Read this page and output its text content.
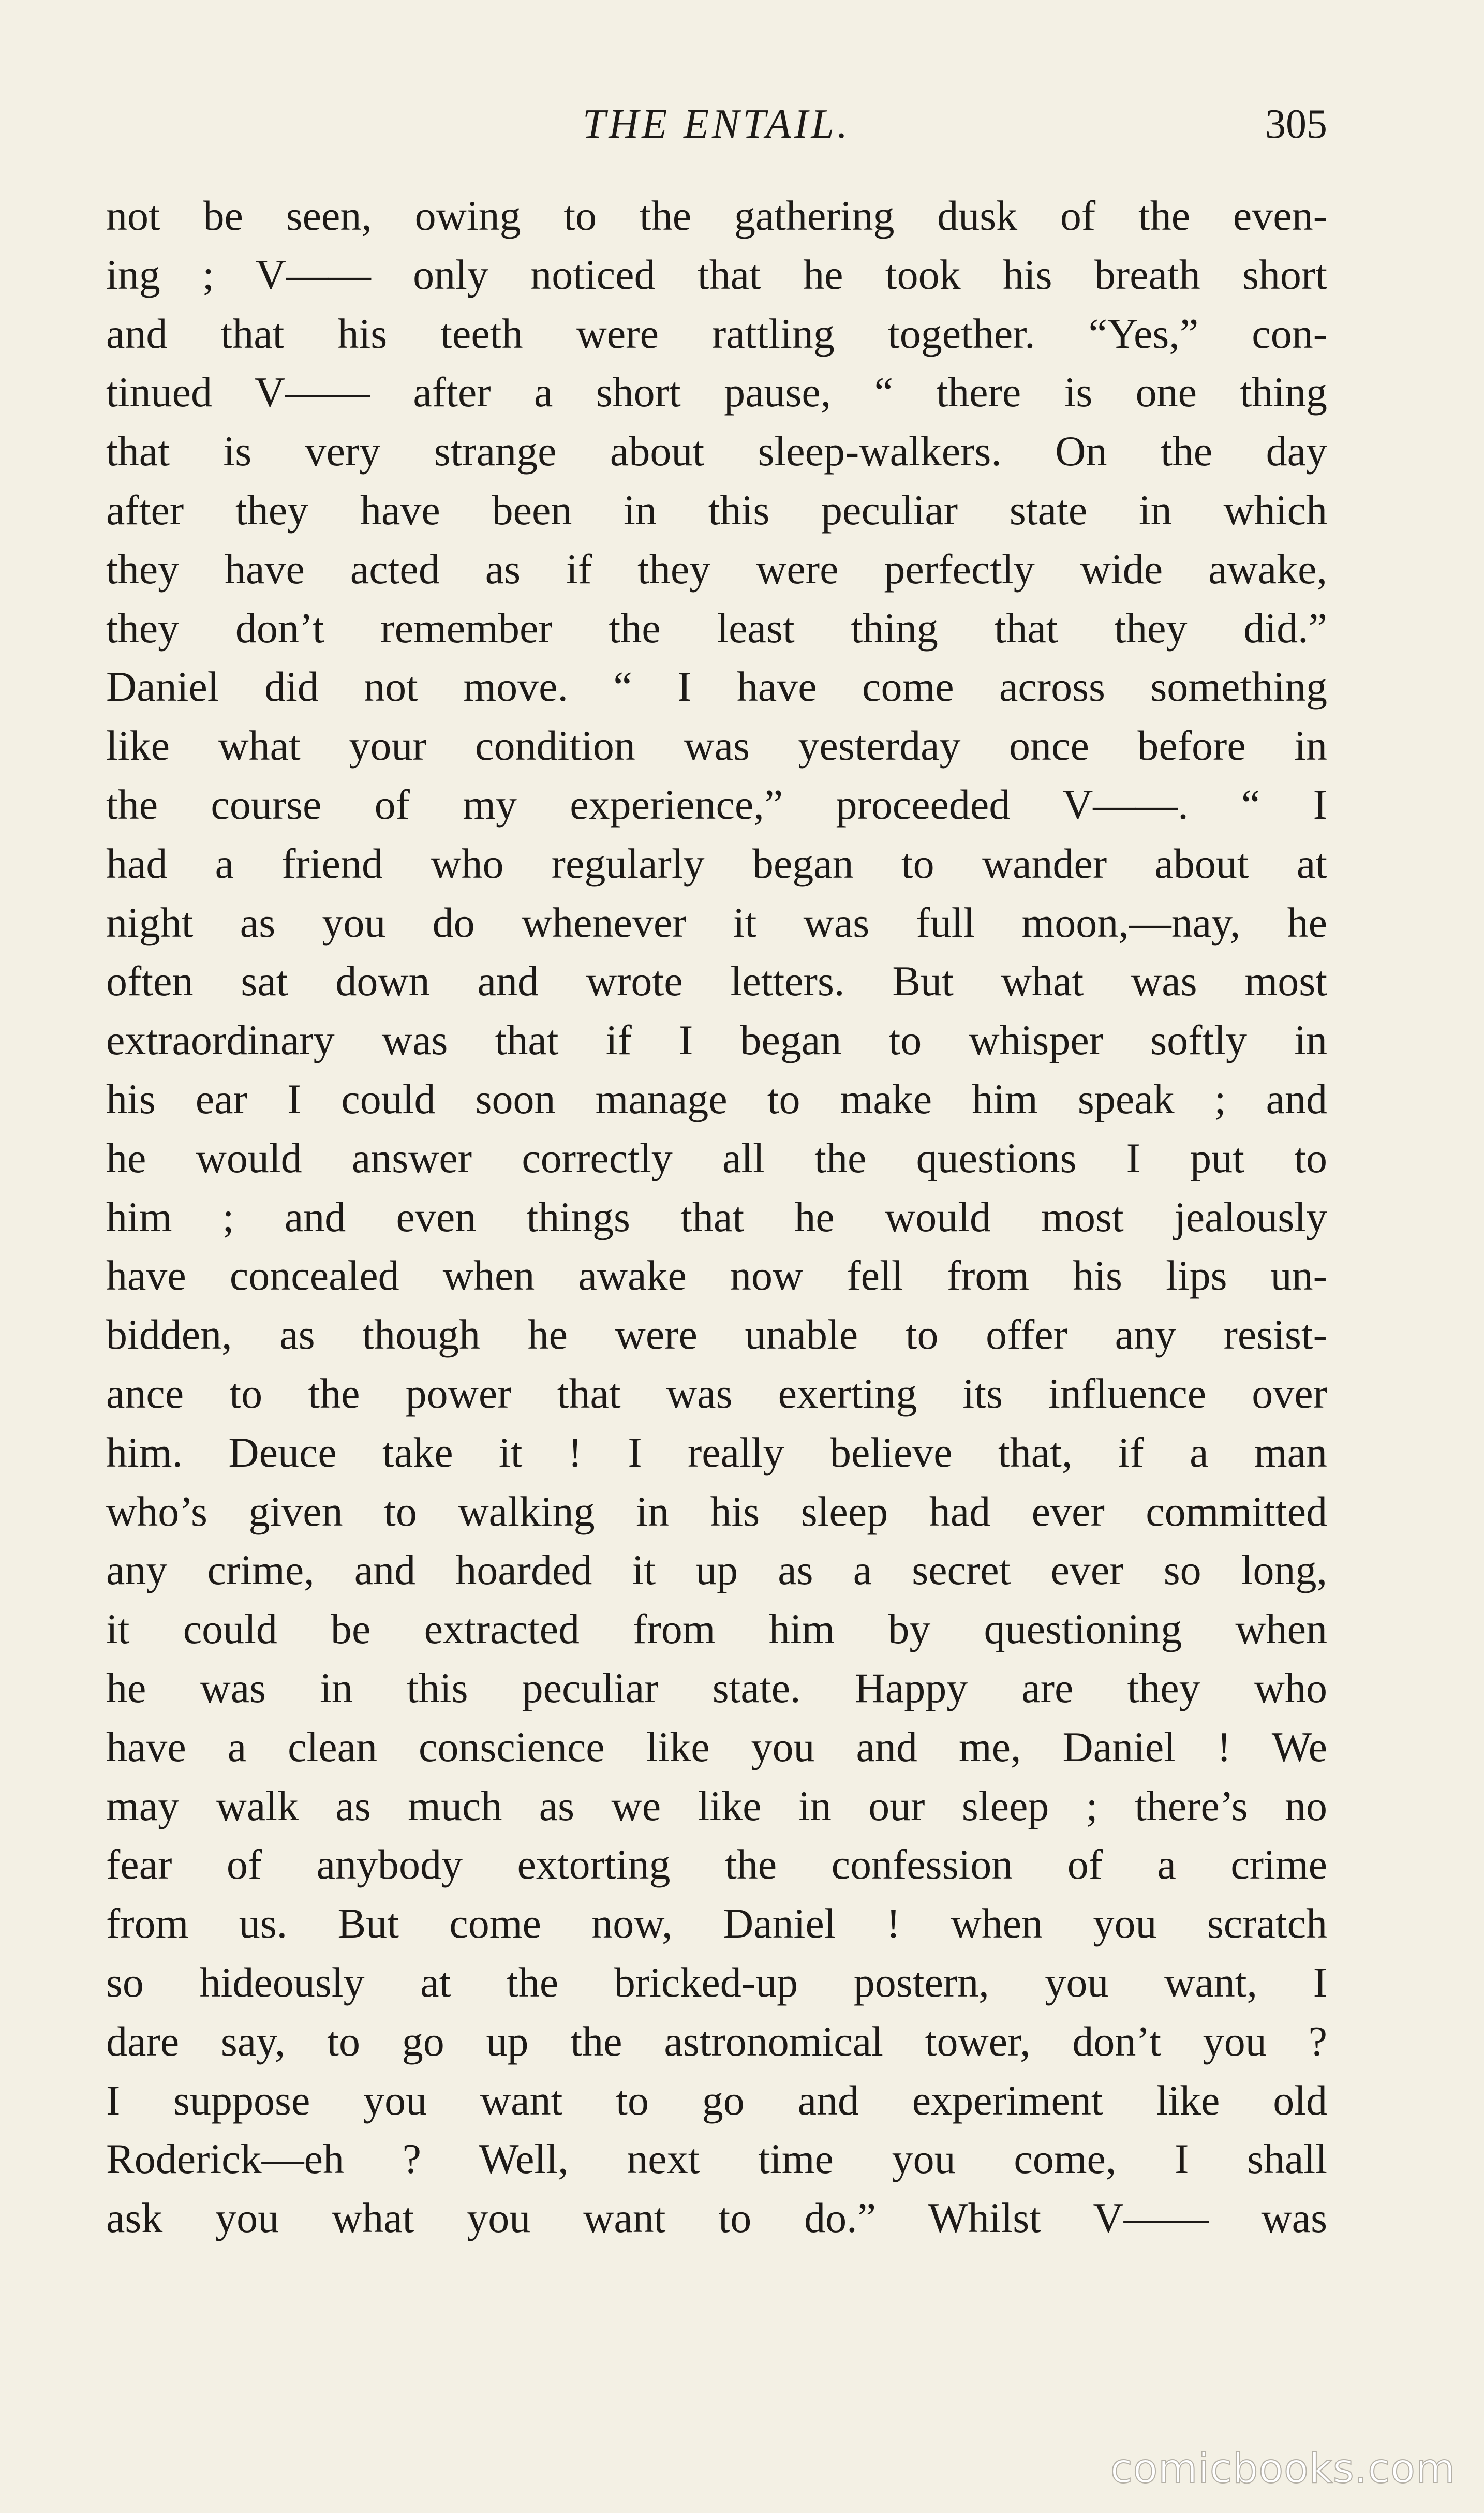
THE ENTAIL.	305
not be seen, owing to the gathering dusk of the even-
ing ; V—— only noticed that he took his breath short
and that his teeth were rattling together. “Yes,” con-
tinued V—— after a short pause, “ there is one thing
that is very strange about sleep-walkers. On the day
after they have been in this peculiar state in which
they have acted as if they were perfectly wide awake,
they don’t remember the least thing that they did.”
Daniel did not move. “ I have come across something
like what your condition was yesterday once before in
the course of my experience,” proceeded V——. “ I
had a friend who regularly began to wander about at
night as you do whenever it was full moon,—nay, he
often sat down and wrote letters. But what was most
extraordinary was that if I began to whisper softly in
his ear I could soon manage to make him speak ; and
he would answer correctly all the questions I put to
him ; and even things that he would most jealously
have concealed when awake now fell from his lips un-
bidden, as though he were unable to offer any resist-
ance to the power that was exerting its influence over
him. Deuce take it ! I really believe that, if a man
who’s given to walking in his sleep had ever committed
any crime, and hoarded it up as a secret ever so long,
it could be extracted from him by questioning when
he was in this peculiar state. Happy are they who
have a clean conscience like you and me, Daniel ! We
may walk as much as we like in our sleep ; there’s no
fear of anybody extorting the confession of a crime
from us. But come now, Daniel ! when you scratch
so hideously at the bricked-up postern, you want, I
dare say, to go up the astronomical tower, don’t you ?
I suppose you want to go and experiment like old
Roderick—eh ? Well, next time you come, I shall
ask you what you want to do.” Whilst V—— was
comicbooks.com
